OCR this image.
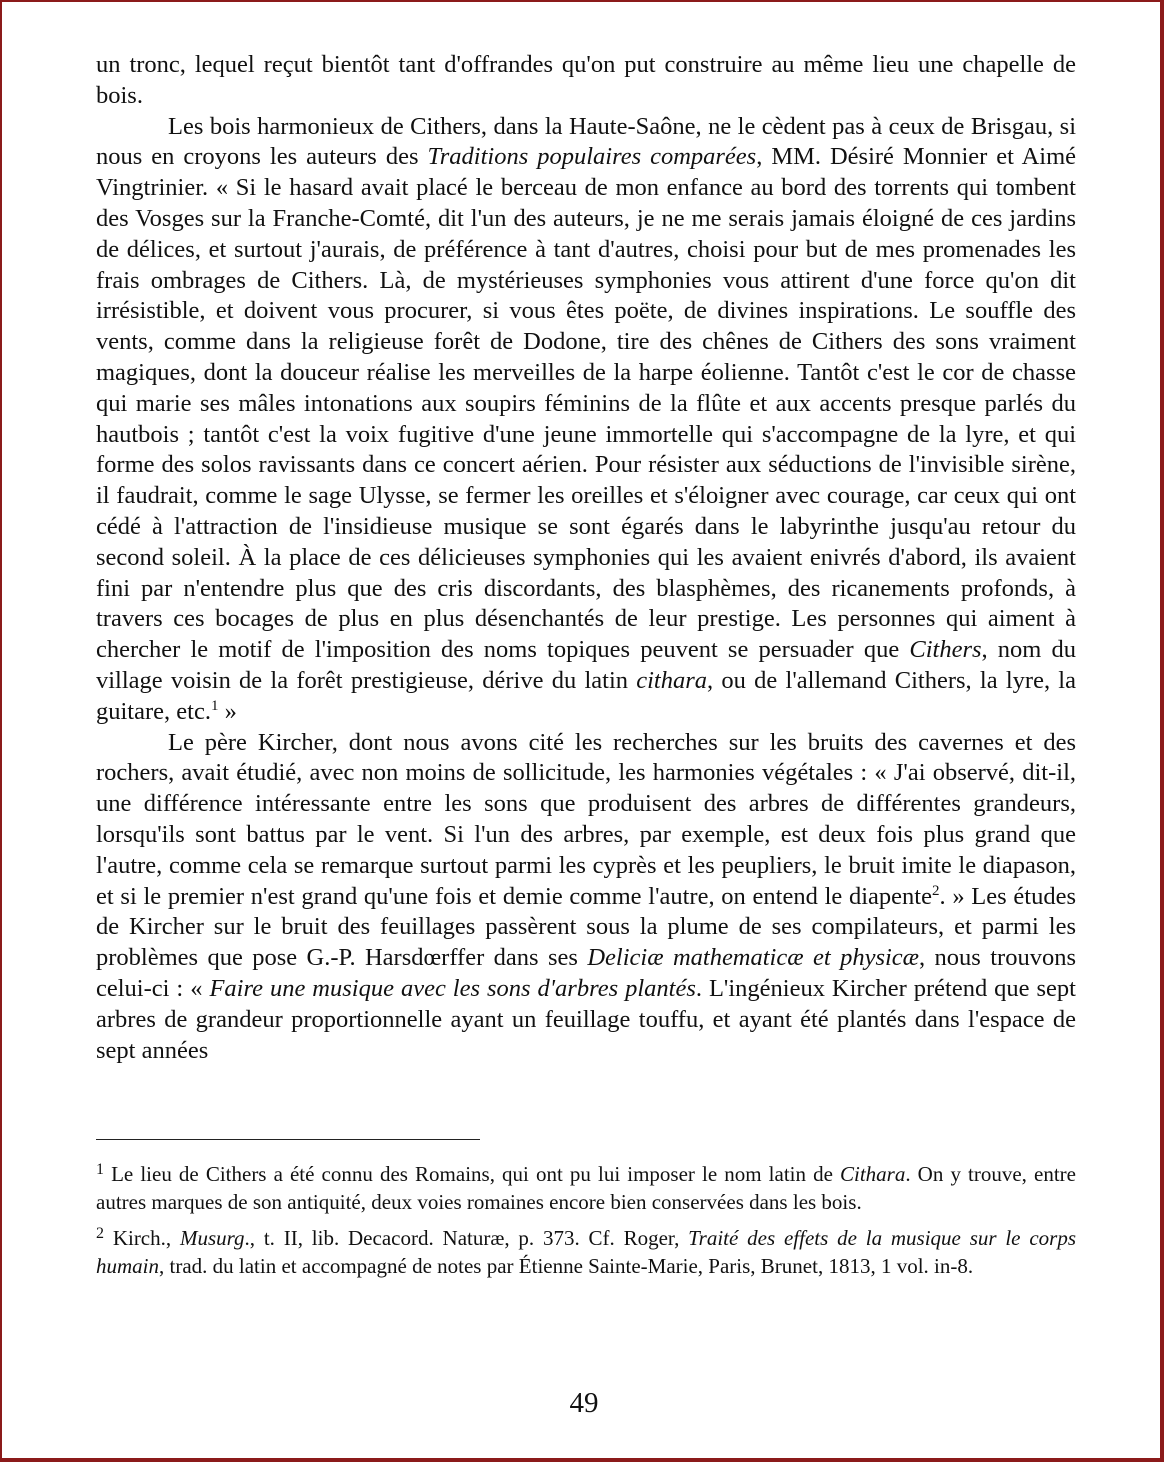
un tronc, lequel reçut bientôt tant d'offrandes qu'on put construire au même lieu une chapelle de bois.

Les bois harmonieux de Cithers, dans la Haute-Saône, ne le cèdent pas à ceux de Brisgau, si nous en croyons les auteurs des Traditions populaires comparées, MM. Désiré Monnier et Aimé Vingtrinier. « Si le hasard avait placé le berceau de mon enfance au bord des torrents qui tombent des Vosges sur la Franche-Comté, dit l'un des auteurs, je ne me serais jamais éloigné de ces jardins de délices, et surtout j'aurais, de préférence à tant d'autres, choisi pour but de mes promenades les frais ombrages de Cithers. Là, de mystérieuses symphonies vous attirent d'une force qu'on dit irrésistible, et doivent vous procurer, si vous êtes poëte, de divines inspirations. Le souffle des vents, comme dans la religieuse forêt de Dodone, tire des chênes de Cithers des sons vraiment magiques, dont la douceur réalise les merveilles de la harpe éolienne. Tantôt c'est le cor de chasse qui marie ses mâles intonations aux soupirs féminins de la flûte et aux accents presque parlés du hautbois ; tantôt c'est la voix fugitive d'une jeune immortelle qui s'accompagne de la lyre, et qui forme des solos ravissants dans ce concert aérien. Pour résister aux séductions de l'invisible sirène, il faudrait, comme le sage Ulysse, se fermer les oreilles et s'éloigner avec courage, car ceux qui ont cédé à l'attraction de l'insidieuse musique se sont égarés dans le labyrinthe jusqu'au retour du second soleil. À la place de ces délicieuses symphonies qui les avaient enivrés d'abord, ils avaient fini par n'entendre plus que des cris discordants, des blasphèmes, des ricanements profonds, à travers ces bocages de plus en plus désenchantés de leur prestige. Les personnes qui aiment à chercher le motif de l'imposition des noms topiques peuvent se persuader que Cithers, nom du village voisin de la forêt prestigieuse, dérive du latin cithara, ou de l'allemand Cithers, la lyre, la guitare, etc.$^1$ »

Le père Kircher, dont nous avons cité les recherches sur les bruits des cavernes et des rochers, avait étudié, avec non moins de sollicitude, les harmonies végétales : « J'ai observé, dit-il, une différence intéressante entre les sons que produisent des arbres de différentes grandeurs, lorsqu'ils sont battus par le vent. Si l'un des arbres, par exemple, est deux fois plus grand que l'autre, comme cela se remarque surtout parmi les cyprès et les peupliers, le bruit imite le diapason, et si le premier n'est grand qu'une fois et demie comme l'autre, on entend le diapente$^2$. » Les études de Kircher sur le bruit des feuillages passèrent sous la plume de ses compilateurs, et parmi les problèmes que pose G.-P. Harsdœrffer dans ses Deliciæ mathematicæ et physicæ, nous trouvons celui-ci : « Faire une musique avec les sons d'arbres plantés. L'ingénieux Kircher prétend que sept arbres de grandeur proportionnelle ayant un feuillage touffu, et ayant été plantés dans l'espace de sept années

$^1$ Le lieu de Cithers a été connu des Romains, qui ont pu lui imposer le nom latin de Cithara. On y trouve, entre autres marques de son antiquité, deux voies romaines encore bien conservées dans les bois.

$^2$ Kirch., Musurg., t. II, lib. Decacord. Naturæ, p. 373. Cf. Roger, Traité des effets de la musique sur le corps humain, trad. du latin et accompagné de notes par Étienne Sainte-Marie, Paris, Brunet, 1813, 1 vol. in-8.

49
